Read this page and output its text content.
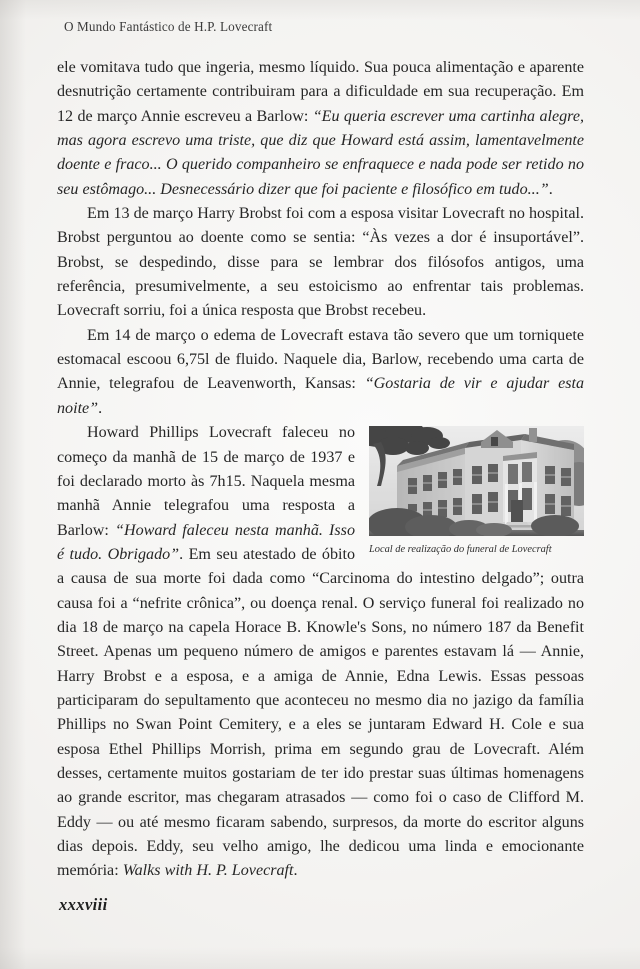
O Mundo Fantástico de H.P. Lovecraft

ele vomitava tudo que ingeria, mesmo líquido. Sua pouca alimentação e aparente desnutrição certamente contribuiram para a dificuldade em sua recuperação. Em 12 de março Annie escreveu a Barlow: “Eu queria escrever uma cartinha alegre, mas agora escrevo uma triste, que diz que Howard está assim, lamentavelmente doente e fraco... O querido companheiro se enfraquece e nada pode ser retido no seu estômago... Desnecessário dizer que foi paciente e filosófico em tudo...”.

Em 13 de março Harry Brobst foi com a esposa visitar Lovecraft no hospital. Brobst perguntou ao doente como se sentia: “Às vezes a dor é insuportável”. Brobst, se despedindo, disse para se lembrar dos filósofos antigos, uma referência, presumivelmente, a seu estoicismo ao enfrentar tais problemas. Lovecraft sorriu, foi a única resposta que Brobst recebeu.

Em 14 de março o edema de Lovecraft estava tão severo que um torniquete estomacal escoou 6,75l de fluido. Naquele dia, Barlow, recebendo uma carta de Annie, telegrafou de Leavenworth, Kansas: “Gostaria de vir e ajudar esta noite”.

Local de realização do funeral de Lovecraft
Howard Phillips Lovecraft faleceu no começo da manhã de 15 de março de 1937 e foi declarado morto às 7h15. Naquela mesma manhã Annie telegrafou uma resposta a Barlow: “Howard faleceu nesta manhã. Isso é tudo. Obrigado”. Em seu atestado de óbito a causa de sua morte foi dada como “Carcinoma do intestino delgado”; outra causa foi a “nefrite crônica”, ou doença renal. O serviço funeral foi realizado no dia 18 de março na capela Horace B. Knowle's Sons, no número 187 da Benefit Street. Apenas um pequeno número de amigos e parentes estavam lá — Annie, Harry Brobst e a esposa, e a amiga de Annie, Edna Lewis. Essas pessoas participaram do sepultamento que aconteceu no mesmo dia no jazigo da família Phillips no Swan Point Cemitery, e a eles se juntaram Edward H. Cole e sua esposa Ethel Phillips Morrish, prima em segundo grau de Lovecraft. Além desses, certamente muitos gostariam de ter ido prestar suas últimas homenagens ao grande escritor, mas chegaram atrasados — como foi o caso de Clifford M. Eddy — ou até mesmo ficaram sabendo, surpresos, da morte do escritor alguns dias depois. Eddy, seu velho amigo, lhe dedicou uma linda e emocionante memória: Walks with H. P. Lovecraft.

xxxviii
